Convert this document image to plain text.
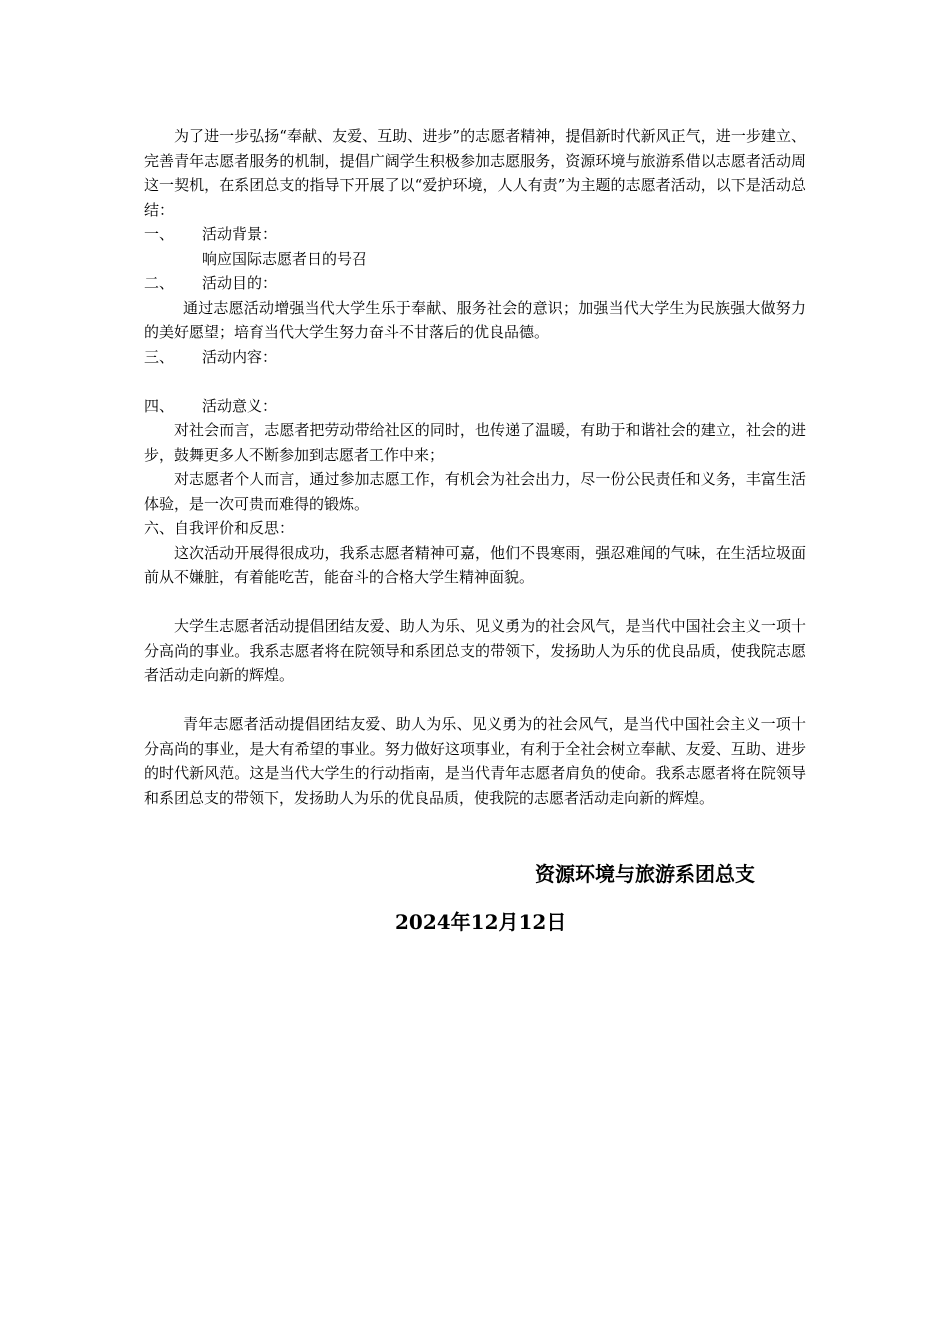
为了进一步弘扬“奉献、友爱、互助、进步”的志愿者精神，提倡新时代新风正气，进一步建立、完善青年志愿者服务的机制，提倡广阔学生积极参加志愿服务，资源环境与旅游系借以志愿者活动周这一契机，在系团总支的指导下开展了以“爱护环境，人人有责”为主题的志愿者活动，以下是活动总结：

一、	活动背景：

响应国际志愿者日的号召

二、	活动目的：

通过志愿活动增强当代大学生乐于奉献、服务社会的意识；加强当代大学生为民族强大做努力的美好愿望；培育当代大学生努力奋斗不甘落后的优良品德。

三、	活动内容：
四、	活动意义：

对社会而言，志愿者把劳动带给社区的同时，也传递了温暖，有助于和谐社会的建立，社会的进步，鼓舞更多人不断参加到志愿者工作中来；

对志愿者个人而言，通过参加志愿工作，有机会为社会出力，尽一份公民责任和义务，丰富生活体验，是一次可贵而难得的锻炼。

六、自我评价和反思：

这次活动开展得很成功，我系志愿者精神可嘉，他们不畏寒雨，强忍难闻的气味，在生活垃圾面前从不嫌脏，有着能吃苦，能奋斗的合格大学生精神面貌。

大学生志愿者活动提倡团结友爱、助人为乐、见义勇为的社会风气，是当代中国社会主义一项十分高尚的事业。我系志愿者将在院领导和系团总支的带领下，发扬助人为乐的优良品质，使我院志愿者活动走向新的辉煌。

青年志愿者活动提倡团结友爱、助人为乐、见义勇为的社会风气，是当代中国社会主义一项十分高尚的事业，是大有希望的事业。努力做好这项事业，有利于全社会树立奉献、友爱、互助、进步的时代新风范。这是当代大学生的行动指南，是当代青年志愿者肩负的使命。我系志愿者将在院领导和系团总支的带领下，发扬助人为乐的优良品质，使我院的志愿者活动走向新的辉煌。

资源环境与旅游系团总支
2024年12月12日
